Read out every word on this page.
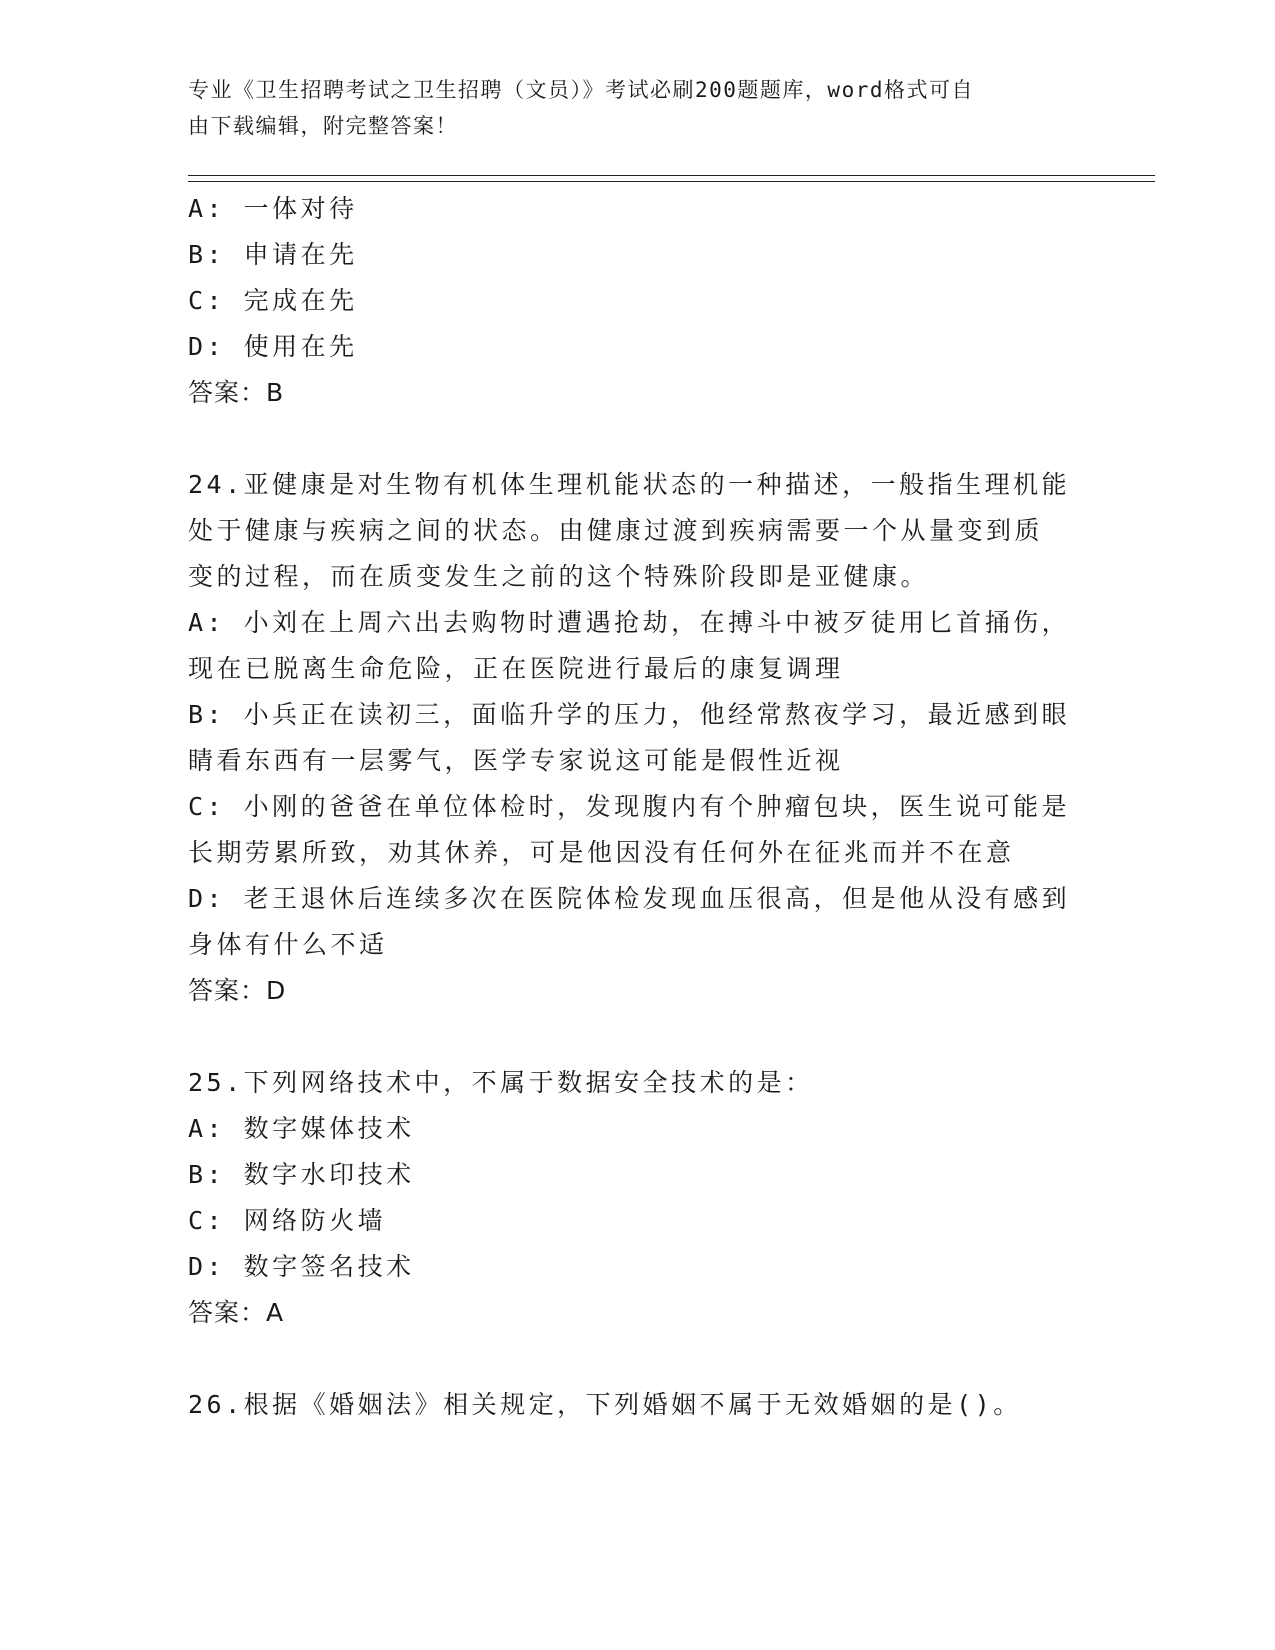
专业《卫生招聘考试之卫生招聘（文员）》考试必刷200题题库，word格式可自
由下载编辑，附完整答案！
A: 一体对待
B: 申请在先
C: 完成在先
D: 使用在先
答案：B
24.亚健康是对生物有机体生理机能状态的一种描述，一般指生理机能
处于健康与疾病之间的状态。由健康过渡到疾病需要一个从量变到质
变的过程，而在质变发生之前的这个特殊阶段即是亚健康。
A: 小刘在上周六出去购物时遭遇抢劫，在搏斗中被歹徒用匕首捅伤，
现在已脱离生命危险，正在医院进行最后的康复调理
B: 小兵正在读初三，面临升学的压力，他经常熬夜学习，最近感到眼
睛看东西有一层雾气，医学专家说这可能是假性近视
C: 小刚的爸爸在单位体检时，发现腹内有个肿瘤包块，医生说可能是
长期劳累所致，劝其休养，可是他因没有任何外在征兆而并不在意
D: 老王退休后连续多次在医院体检发现血压很高，但是他从没有感到
身体有什么不适
答案：D
25.下列网络技术中，不属于数据安全技术的是：
A: 数字媒体技术
B: 数字水印技术
C: 网络防火墙
D: 数字签名技术
答案：A
26.根据《婚姻法》相关规定，下列婚姻不属于无效婚姻的是()。
